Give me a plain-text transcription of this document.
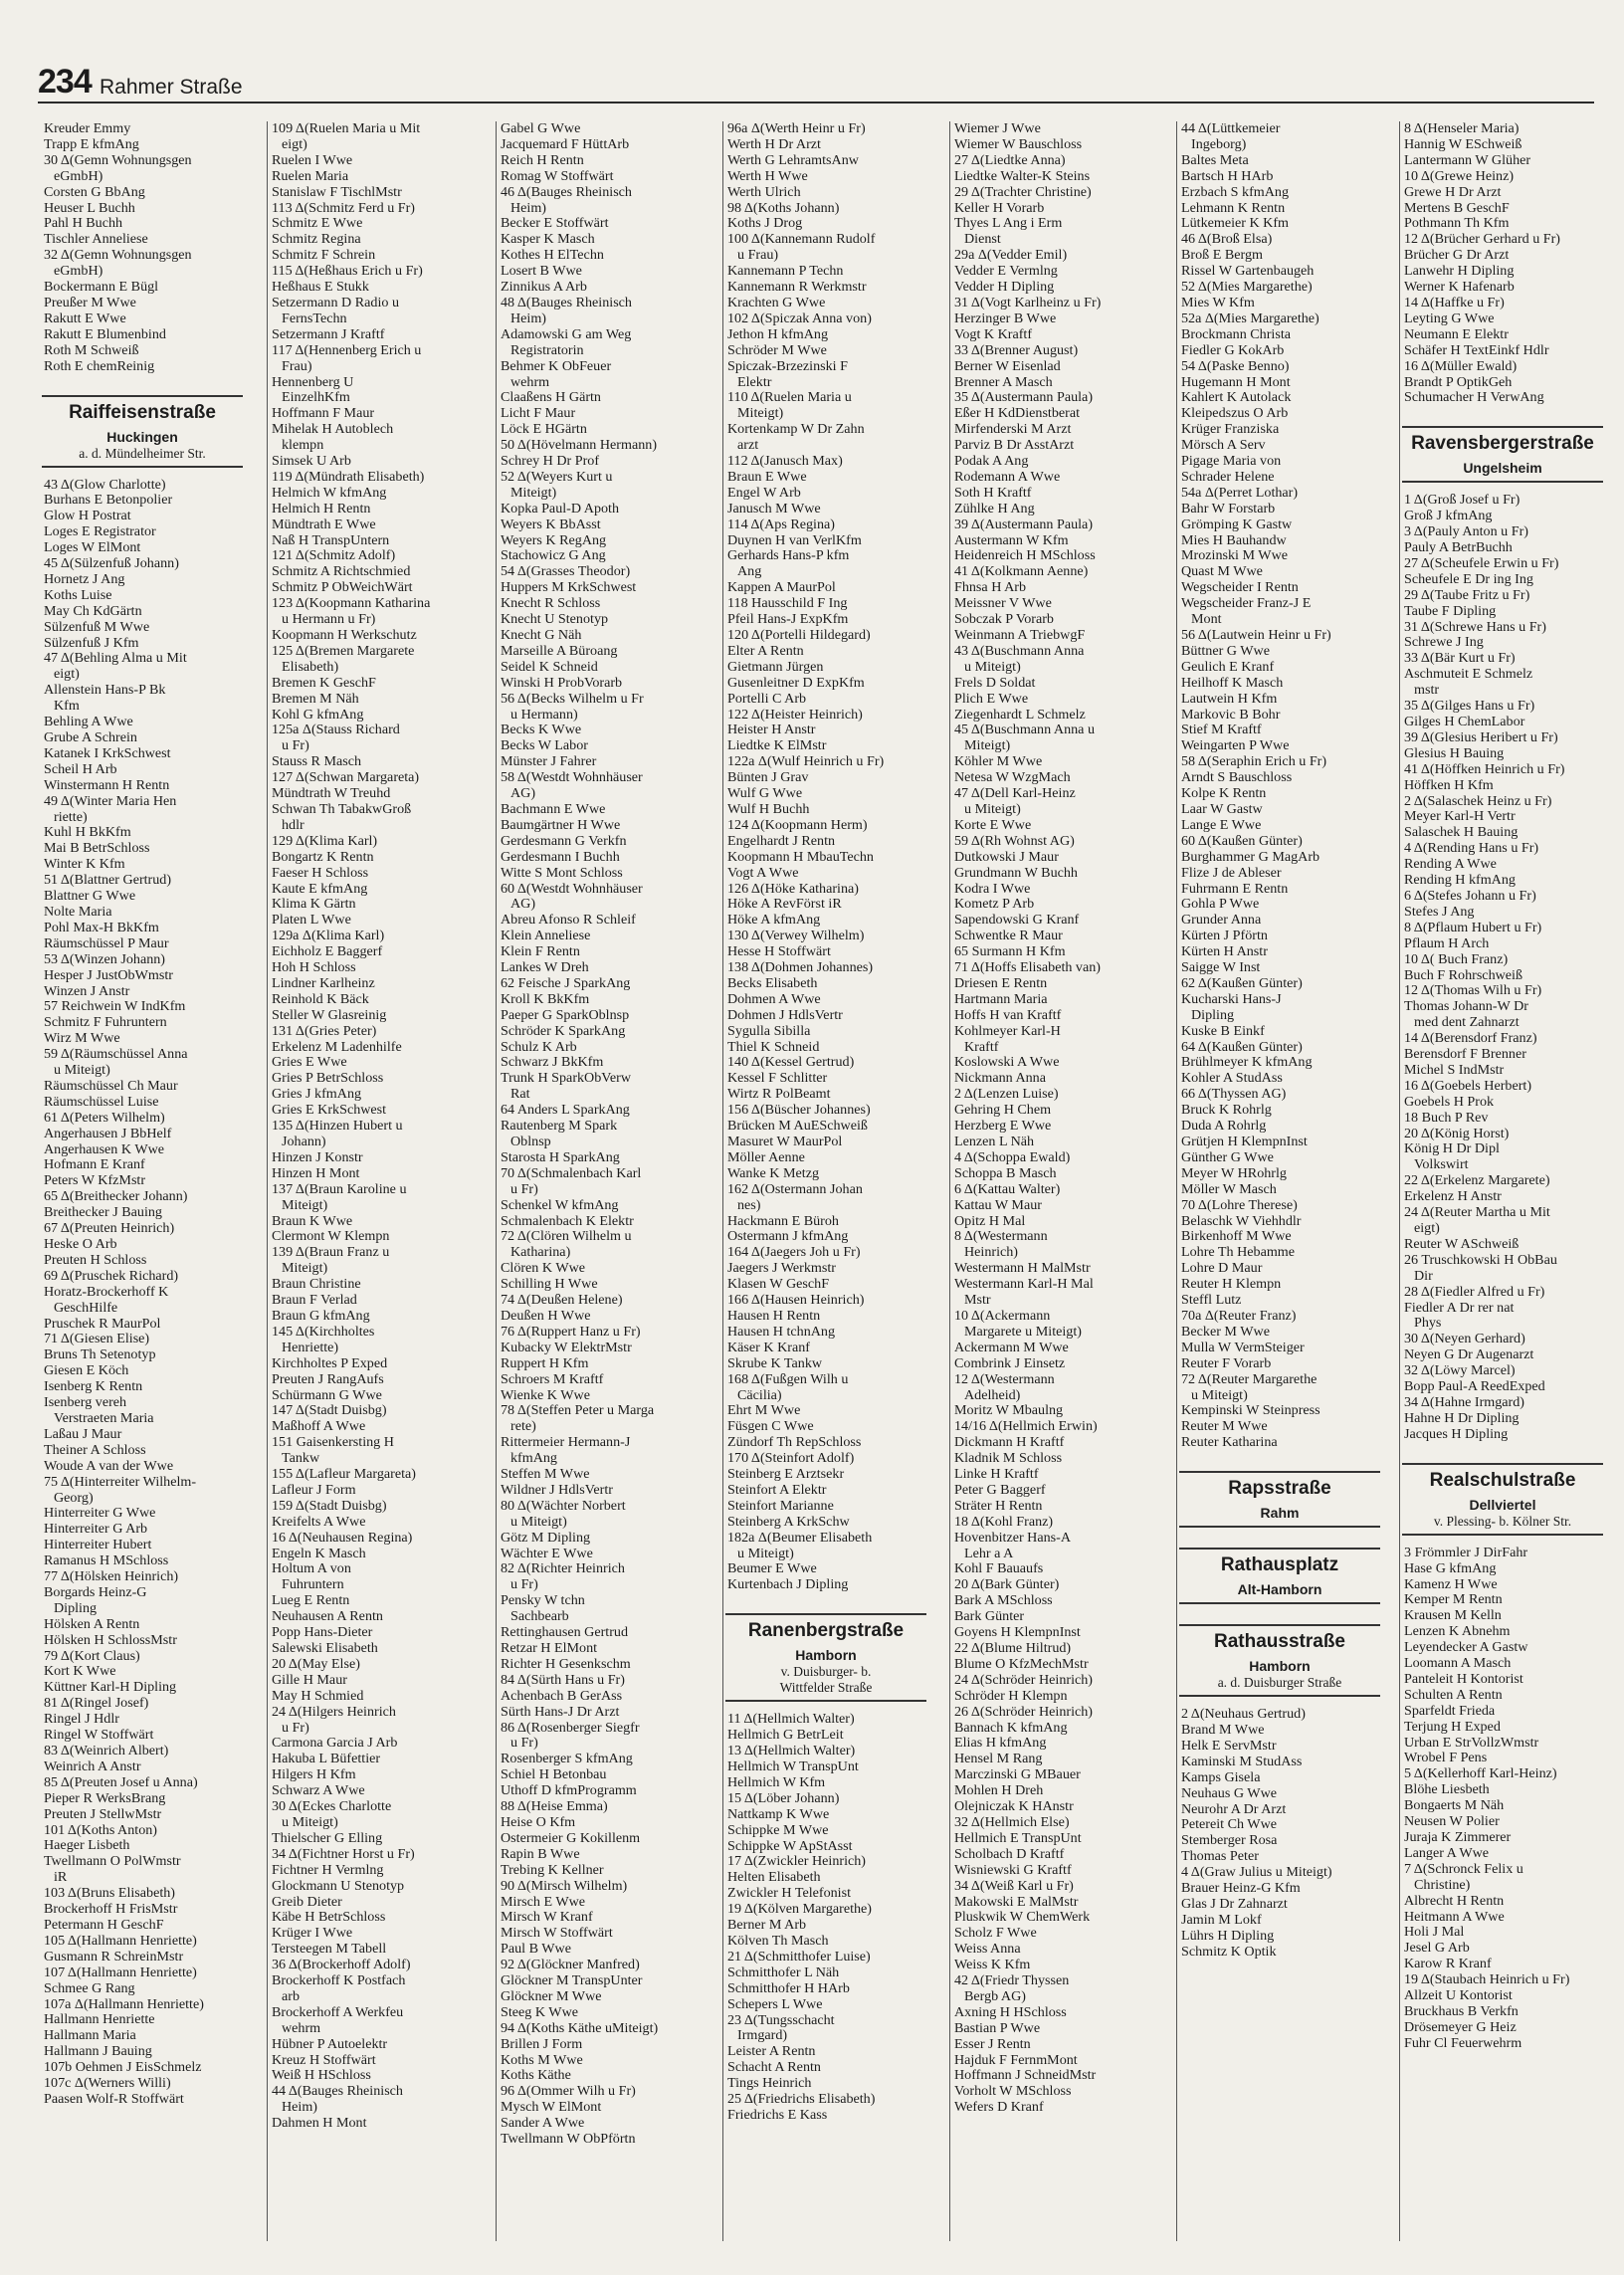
234 Rahmer Straße
Kreuder Emmy
Trapp E kfmAng
30 Δ(Gemn Wohnungsgen
eGmbH)
Corsten G BbAng
Heuser L Buchh
Pahl H Buchh
Tischler Anneliese
32 Δ(Gemn Wohnungsgen
eGmbH)
Bockermann E Bügl
Preußer M Wwe
Rakutt E Wwe
Rakutt E Blumenbind
Roth M Schweiß
Roth E chemReinig
Raiffeisenstraße
Huckingen
a. d. Mündelheimer Str.
43 Δ(Glow Charlotte)
Burhans E Betonpolier
Glow H Postrat
Loges E Registrator
Loges W ElMont
45 Δ(Sülzenfuß Johann)
Hornetz J Ang
Koths Luise
May Ch KdGärtn
Sülzenfuß M Wwe
Sülzenfuß J Kfm
47 Δ(Behling Alma u Mit
eigt)
Allenstein Hans-P Bk
Kfm
Behling A Wwe
Grube A Schrein
Katanek I KrkSchwest
Scheil H Arb
Winstermann H Rentn
49 Δ(Winter Maria Hen
riette)
Kuhl H BkKfm
Mai B BetrSchloss
Winter K Kfm
51 Δ(Blattner Gertrud)
Blattner G Wwe
Nolte Maria
Pohl Max-H BkKfm
Räumschüssel P Maur
53 Δ(Winzen Johann)
Hesper J JustObWmstr
Winzen J Anstr
57 Reichwein W IndKfm
Schmitz F Fuhruntern
Wirz M Wwe
59 Δ(Räumschüssel Anna
u Miteigt)
Räumschüssel Ch Maur
Räumschüssel Luise
61 Δ(Peters Wilhelm)
Angerhausen J BbHelf
Angerhausen K Wwe
Hofmann E Kranf
Peters W KfzMstr
65 Δ(Breithecker Johann)
Breithecker J Bauing
67 Δ(Preuten Heinrich)
Heske O Arb
Preuten H Schloss
69 Δ(Pruschek Richard)
Horatz-Brockerhoff K
GeschHilfe
Pruschek R MaurPol
71 Δ(Giesen Elise)
Bruns Th Setenotyp
Giesen E Köch
Isenberg K Rentn
Isenberg vereh
Verstraeten Maria
Laßau J Maur
Theiner A Schloss
Woude A van der Wwe
75 Δ(Hinterreiter Wilhelm-
Georg)
Hinterreiter G Wwe
Hinterreiter G Arb
Hinterreiter Hubert
Ramanus H MSchloss
77 Δ(Hölsken Heinrich)
Borgards Heinz-G
Dipling
Hölsken A Rentn
Hölsken H SchlossMstr
79 Δ(Kort Claus)
Kort K Wwe
Küttner Karl-H Dipling
81 Δ(Ringel Josef)
Ringel J Hdlr
Ringel W Stoffwärt
83 Δ(Weinrich Albert)
Weinrich A Anstr
85 Δ(Preuten Josef u Anna)
Pieper R WerksBrang
Preuten J StellwMstr
101 Δ(Koths Anton)
Haeger Lisbeth
Twellmann O PolWmstr
iR
103 Δ(Bruns Elisabeth)
Brockerhoff H FrisMstr
Petermann H GeschF
105 Δ(Hallmann Henriette)
Gusmann R SchreinMstr
107 Δ(Hallmann Henriette)
Schmee G Rang
107a Δ(Hallmann Henriette)
Hallmann Henriette
Hallmann Maria
Hallmann J Bauing
107b Oehmen J EisSchmelz
107c Δ(Werners Willi)
Paasen Wolf-R Stoffwärt
109 Δ(Ruelen Maria u Mit
eigt)
Ruelen I Wwe
Ruelen Maria
Stanislaw F TischlMstr
113 Δ(Schmitz Ferd u Fr)
Schmitz E Wwe
Schmitz Regina
Schmitz F Schrein
115 Δ(Heßhaus Erich u Fr)
Heßhaus E Stukk
Setzermann D Radio u
FernsTechn
Setzermann J Kraftf
117 Δ(Hennenberg Erich u
Frau)
Hennenberg U
EinzelhKfm
Hoffmann F Maur
Mihelak H Autoblech
klempn
Simsek U Arb
119 Δ(Mündrath Elisabeth)
Helmich W kfmAng
Helmich H Rentn
Mündtrath E Wwe
Naß H TranspUntern
121 Δ(Schmitz Adolf)
Schmitz A Richtschmied
Schmitz P ObWeichWärt
123 Δ(Koopmann Katharina
u Hermann u Fr)
Koopmann H Werkschutz
125 Δ(Bremen Margarete
Elisabeth)
Bremen K GeschF
Bremen M Näh
Kohl G kfmAng
125a Δ(Stauss Richard
u Fr)
Stauss R Masch
127 Δ(Schwan Margareta)
Mündtrath W Treuhd
Schwan Th TabakwGroß
hdlr
129 Δ(Klima Karl)
Bongartz K Rentn
Faeser H Schloss
Kaute E kfmAng
Klima K Gärtn
Platen L Wwe
129a Δ(Klima Karl)
Eichholz E Baggerf
Hoh H Schloss
Lindner Karlheinz
Reinhold K Bäck
Steller W Glasreinig
131 Δ(Gries Peter)
Erkelenz M Ladenhilfe
Gries E Wwe
Gries P BetrSchloss
Gries J kfmAng
Gries E KrkSchwest
135 Δ(Hinzen Hubert u
Johann)
Hinzen J Konstr
Hinzen H Mont
137 Δ(Braun Karoline u
Miteigt)
Braun K Wwe
Clermont W Klempn
139 Δ(Braun Franz u
Miteigt)
Braun Christine
Braun F Verlad
Braun G kfmAng
145 Δ(Kirchholtes
Henriette)
Kirchholtes P Exped
Preuten J RangAufs
Schürmann G Wwe
147 Δ(Stadt Duisbg)
Maßhoff A Wwe
151 Gaisenkersting H
Tankw
155 Δ(Lafleur Margareta)
Lafleur J Form
159 Δ(Stadt Duisbg)
Kreifelts A Wwe
16 Δ(Neuhausen Regina)
Engeln K Masch
Holtum A von
Fuhruntern
Lueg E Rentn
Neuhausen A Rentn
Popp Hans-Dieter
Salewski Elisabeth
20 Δ(May Else)
Gille H Maur
May H Schmied
24 Δ(Hilgers Heinrich
u Fr)
Carmona Garcia J Arb
Hakuba L Büfettier
Hilgers H Kfm
Schwarz A Wwe
30 Δ(Eckes Charlotte
u Miteigt)
Thielscher G Elling
34 Δ(Fichtner Horst u Fr)
Fichtner H Vermlng
Glockmann U Stenotyp
Greib Dieter
Käbe H BetrSchloss
Krüger I Wwe
Tersteegen M Tabell
36 Δ(Brockerhoff Adolf)
Brockerhoff K Postfach
arb
Brockerhoff A Werkfeu
wehrm
Hübner P Autoelektr
Kreuz H Stoffwärt
Weiß H HSchloss
44 Δ(Bauges Rheinisch
Heim)
Dahmen H Mont
Gabel G Wwe
Jacquemard F HüttArb
Reich H Rentn
Romag W Stoffwärt
46 Δ(Bauges Rheinisch
Heim)
Becker E Stoffwärt
Kasper K Masch
Kothes H ElTechn
Losert B Wwe
Zinnikus A Arb
48 Δ(Bauges Rheinisch
Heim)
Adamowski G am Weg
Registratorin
Behmer K ObFeuer
wehrm
Claaßens H Gärtn
Licht F Maur
Löck E HGärtn
50 Δ(Hövelmann Hermann)
Schrey H Dr Prof
52 Δ(Weyers Kurt u
Miteigt)
Kopka Paul-D Apoth
Weyers K BbAsst
Weyers K RegAng
Stachowicz G Ang
54 Δ(Grasses Theodor)
Huppers M KrkSchwest
Knecht R Schloss
Knecht U Stenotyp
Knecht G Näh
Marseille A Büroang
Seidel K Schneid
Winski H ProbVorarb
56 Δ(Becks Wilhelm u Fr
u Hermann)
Becks K Wwe
Becks W Labor
Münster J Fahrer
58 Δ(Westdt Wohnhäuser
AG)
Bachmann E Wwe
Baumgärtner H Wwe
Gerdesmann G Verkfn
Gerdesmann I Buchh
Witte S Mont Schloss
60 Δ(Westdt Wohnhäuser
AG)
Abreu Afonso R Schleif
Klein Anneliese
Klein F Rentn
Lankes W Dreh
62 Feische J SparkAng
Kroll K BkKfm
Paeper G SparkOblnsp
Schröder K SparkAng
Schulz K Arb
Schwarz J BkKfm
Trunk H SparkObVerw
Rat
64 Anders L SparkAng
Rautenberg M Spark
Oblnsp
Starosta H SparkAng
70 Δ(Schmalenbach Karl
u Fr)
Schenkel W kfmAng
Schmalenbach K Elektr
72 Δ(Clören Wilhelm u
Katharina)
Clören K Wwe
Schilling H Wwe
74 Δ(Deußen Helene)
Deußen H Wwe
76 Δ(Ruppert Hanz u Fr)
Kubacky W ElektrMstr
Ruppert H Kfm
Schroers M Kraftf
Wienke K Wwe
78 Δ(Steffen Peter u Marga
rete)
Rittermeier Hermann-J
kfmAng
Steffen M Wwe
Wildner J HdlsVertr
80 Δ(Wächter Norbert
u Miteigt)
Götz M Dipling
Wächter E Wwe
82 Δ(Richter Heinrich
u Fr)
Pensky W tchn
Sachbearb
Rettinghausen Gertrud
Retzar H ElMont
Richter H Gesenkschm
84 Δ(Sürth Hans u Fr)
Achenbach B GerAss
Sürth Hans-J Dr Arzt
86 Δ(Rosenberger Siegfr
u Fr)
Rosenberger S kfmAng
Schiel H Betonbau
Uthoff D kfmProgramm
88 Δ(Heise Emma)
Heise O Kfm
Ostermeier G Kokillenm
Rapin B Wwe
Trebing K Kellner
90 Δ(Mirsch Wilhelm)
Mirsch E Wwe
Mirsch W Kranf
Mirsch W Stoffwärt
Paul B Wwe
92 Δ(Glöckner Manfred)
Glöckner M TranspUnter
Glöckner M Wwe
Steeg K Wwe
94 Δ(Koths Käthe uMiteigt)
Brillen J Form
Koths M Wwe
Koths Käthe
96 Δ(Ommer Wilh u Fr)
Mysch W ElMont
Sander A Wwe
Twellmann W ObPförtn
96a Δ(Werth Heinr u Fr)
Werth H Dr Arzt
Werth G LehramtsAnw
Werth H Wwe
Werth Ulrich
98 Δ(Koths Johann)
Koths J Drog
100 Δ(Kannemann Rudolf
u Frau)
Kannemann P Techn
Kannemann R Werkmstr
Krachten G Wwe
102 Δ(Spiczak Anna von)
Jethon H kfmAng
Schröder M Wwe
Spiczak-Brzezinski F
Elektr
110 Δ(Ruelen Maria u
Miteigt)
Kortenkamp W Dr Zahn
arzt
112 Δ(Janusch Max)
Braun E Wwe
Engel W Arb
Janusch M Wwe
114 Δ(Aps Regina)
Duynen H van VerlKfm
Gerhards Hans-P kfm
Ang
Kappen A MaurPol
118 Hausschild F Ing
Pfeil Hans-J ExpKfm
120 Δ(Portelli Hildegard)
Elter A Rentn
Gietmann Jürgen
Gusenleitner D ExpKfm
Portelli C Arb
122 Δ(Heister Heinrich)
Heister H Anstr
Liedtke K ElMstr
122a Δ(Wulf Heinrich u Fr)
Bünten J Grav
Wulf G Wwe
Wulf H Buchh
124 Δ(Koopmann Herm)
Engelhardt J Rentn
Koopmann H MbauTechn
Vogt A Wwe
126 Δ(Höke Katharina)
Höke A RevFörst iR
Höke A kfmAng
130 Δ(Verwey Wilhelm)
Hesse H Stoffwärt
138 Δ(Dohmen Johannes)
Becks Elisabeth
Dohmen A Wwe
Dohmen J HdlsVertr
Sygulla Sibilla
Thiel K Schneid
140 Δ(Kessel Gertrud)
Kessel F Schlitter
Wirtz R PolBeamt
156 Δ(Büscher Johannes)
Brücken M AuESchweiß
Masuret W MaurPol
Möller Aenne
Wanke K Metzg
162 Δ(Ostermann Johan
nes)
Hackmann E Büroh
Ostermann J kfmAng
164 Δ(Jaegers Joh u Fr)
Jaegers J Werkmstr
Klasen W GeschF
166 Δ(Hausen Heinrich)
Hausen H Rentn
Hausen H tchnAng
Käser K Kranf
Skrube K Tankw
168 Δ(Fußgen Wilh u
Cäcilia)
Ehrt M Wwe
Füsgen C Wwe
Zündorf Th RepSchloss
170 Δ(Steinfort Adolf)
Steinberg E Arztsekr
Steinfort A Elektr
Steinfort Marianne
Steinberg A KrkSchw
182a Δ(Beumer Elisabeth
u Miteigt)
Beumer E Wwe
Kurtenbach J Dipling
Ranenbergstraße
Hamborn
v. Duisburger- b.
Wittfelder Straße
11 Δ(Hellmich Walter)
Hellmich G BetrLeit
13 Δ(Hellmich Walter)
Hellmich W TranspUnt
Hellmich W Kfm
15 Δ(Löber Johann)
Nattkamp K Wwe
Schippke M Wwe
Schippke W ApStAsst
17 Δ(Zwickler Heinrich)
Helten Elisabeth
Zwickler H Telefonist
19 Δ(Kölven Margarethe)
Berner M Arb
Kölven Th Masch
21 Δ(Schmitthofer Luise)
Schmitthofer L Näh
Schmitthofer H HArb
Schepers L Wwe
23 Δ(Tungsschacht
Irmgard)
Leister A Rentn
Schacht A Rentn
Tings Heinrich
25 Δ(Friedrichs Elisabeth)
Friedrichs E Kass
Wiemer J Wwe
Wiemer W Bauschloss
27 Δ(Liedtke Anna)
Liedtke Walter-K Steins
29 Δ(Trachter Christine)
Keller H Vorarb
Thyes L Ang i Erm
Dienst
29a Δ(Vedder Emil)
Vedder E Vermlng
Vedder H Dipling
31 Δ(Vogt Karlheinz u Fr)
Herzinger B Wwe
Vogt K Kraftf
33 Δ(Brenner August)
Berner W Eisenlad
Brenner A Masch
35 Δ(Austermann Paula)
Eßer H KdDienstberat
Mirfenderski M Arzt
Parviz B Dr AsstArzt
Podak A Ang
Rodemann A Wwe
Soth H Kraftf
Zühlke H Ang
39 Δ(Austermann Paula)
Austermann W Kfm
Heidenreich H MSchloss
41 Δ(Kolkmann Aenne)
Fhnsa H Arb
Meissner V Wwe
Sobczak P Vorarb
Weinmann A TriebwgF
43 Δ(Buschmann Anna
u Miteigt)
Frels D Soldat
Plich E Wwe
Ziegenhardt L Schmelz
45 Δ(Buschmann Anna u
Miteigt)
Köhler M Wwe
Netesa W WzgMach
47 Δ(Dell Karl-Heinz
u Miteigt)
Korte E Wwe
59 Δ(Rh Wohnst AG)
Dutkowski J Maur
Grundmann W Buchh
Kodra I Wwe
Kometz P Arb
Sapendowski G Kranf
Schwentke R Maur
65 Surmann H Kfm
71 Δ(Hoffs Elisabeth van)
Driesen E Rentn
Hartmann Maria
Hoffs H van Kraftf
Kohlmeyer Karl-H
Kraftf
Koslowski A Wwe
Nickmann Anna
2 Δ(Lenzen Luise)
Gehring H Chem
Herzberg E Wwe
Lenzen L Näh
4 Δ(Schoppa Ewald)
Schoppa B Masch
6 Δ(Kattau Walter)
Kattau W Maur
Opitz H Mal
8 Δ(Westermann
Heinrich)
Westermann H MalMstr
Westermann Karl-H Mal
Mstr
10 Δ(Ackermann
Margarete u Miteigt)
Ackermann M Wwe
Combrink J Einsetz
12 Δ(Westermann
Adelheid)
Moritz W Mbaulng
14/16 Δ(Hellmich Erwin)
Dickmann H Kraftf
Kladnik M Schloss
Linke H Kraftf
Peter G Baggerf
Sträter H Rentn
18 Δ(Kohl Franz)
Hovenbitzer Hans-A
Lehr a A
Kohl F Bauaufs
20 Δ(Bark Günter)
Bark A MSchloss
Bark Günter
Goyens H KlempnInst
22 Δ(Blume Hiltrud)
Blume O KfzMechMstr
24 Δ(Schröder Heinrich)
Schröder H Klempn
26 Δ(Schröder Heinrich)
Bannach K kfmAng
Elias H kfmAng
Hensel M Rang
Marczinski G MBauer
Mohlen H Dreh
Olejniczak K HAnstr
32 Δ(Hellmich Else)
Hellmich E TranspUnt
Scholbach D Kraftf
Wisniewski G Kraftf
34 Δ(Weiß Karl u Fr)
Makowski E MalMstr
Pluskwik W ChemWerk
Scholz F Wwe
Weiss Anna
Weiss K Kfm
42 Δ(Friedr Thyssen
Bergb AG)
Axning H HSchloss
Bastian P Wwe
Esser J Rentn
Hajduk F FernmMont
Hoffmann J SchneidMstr
Vorholt W MSchloss
Wefers D Kranf
44 Δ(Lüttkemeier
Ingeborg)
Baltes Meta
Bartsch H HArb
Erzbach S kfmAng
Lehmann K Rentn
Lütkemeier K Kfm
46 Δ(Broß Elsa)
Broß E Bergm
Rissel W Gartenbaugeh
52 Δ(Mies Margarethe)
Mies W Kfm
52a Δ(Mies Margarethe)
Brockmann Christa
Fiedler G KokArb
54 Δ(Paske Benno)
Hugemann H Mont
Kahlert K Autolack
Kleipedszus O Arb
Krüger Franziska
Mörsch A Serv
Pigage Maria von
Schrader Helene
54a Δ(Perret Lothar)
Bahr W Forstarb
Grömping K Gastw
Mies H Bauhandw
Mrozinski M Wwe
Quast M Wwe
Wegscheider I Rentn
Wegscheider Franz-J E
Mont
56 Δ(Lautwein Heinr u Fr)
Büttner G Wwe
Geulich E Kranf
Heilhoff K Masch
Lautwein H Kfm
Markovic B Bohr
Stief M Kraftf
Weingarten P Wwe
58 Δ(Seraphin Erich u Fr)
Arndt S Bauschloss
Kolpe K Rentn
Laar W Gastw
Lange E Wwe
60 Δ(Kaußen Günter)
Burghammer G MagArb
Flize J de Ableser
Fuhrmann E Rentn
Gohla P Wwe
Grunder Anna
Kürten J Pförtn
Kürten H Anstr
Saigge W Inst
62 Δ(Kaußen Günter)
Kucharski Hans-J
Dipling
Kuske B Einkf
64 Δ(Kaußen Günter)
Brühlmeyer K kfmAng
Kohler A StudAss
66 Δ(Thyssen AG)
Bruck K Rohrlg
Duda A Rohrlg
Grütjen H KlempnInst
Günther G Wwe
Meyer W HRohrlg
Möller W Masch
70 Δ(Lohre Therese)
Belaschk W Viehhdlr
Birkenhoff M Wwe
Lohre Th Hebamme
Lohre D Maur
Reuter H Klempn
Steffl Lutz
70a Δ(Reuter Franz)
Becker M Wwe
Mulla W VermSteiger
Reuter F Vorarb
72 Δ(Reuter Margarethe
u Miteigt)
Kempinski W Steinpress
Reuter M Wwe
Reuter Katharina
Rapsstraße
Rahm
Rathausplatz
Alt-Hamborn
Rathausstraße
Hamborn
a. d. Duisburger Straße
2 Δ(Neuhaus Gertrud)
Brand M Wwe
Helk E ServMstr
Kaminski M StudAss
Kamps Gisela
Neuhaus G Wwe
Neurohr A Dr Arzt
Petereit Ch Wwe
Stemberger Rosa
Thomas Peter
4 Δ(Graw Julius u Miteigt)
Brauer Heinz-G Kfm
Glas J Dr Zahnarzt
Jamin M Lokf
Lührs H Dipling
Schmitz K Optik
8 Δ(Henseler Maria)
Hannig W ESchweiß
Lantermann W Glüher
10 Δ(Grewe Heinz)
Grewe H Dr Arzt
Mertens B GeschF
Pothmann Th Kfm
12 Δ(Brücher Gerhard u Fr)
Brücher G Dr Arzt
Lanwehr H Dipling
Werner K Hafenarb
14 Δ(Haffke u Fr)
Leyting G Wwe
Neumann E Elektr
Schäfer H TextEinkf Hdlr
16 Δ(Müller Ewald)
Brandt P OptikGeh
Schumacher H VerwAng
Ravensbergerstraße
Ungelsheim
1 Δ(Groß Josef u Fr)
Groß J kfmAng
3 Δ(Pauly Anton u Fr)
Pauly A BetrBuchh
27 Δ(Scheufele Erwin u Fr)
Scheufele E Dr ing Ing
29 Δ(Taube Fritz u Fr)
Taube F Dipling
31 Δ(Schrewe Hans u Fr)
Schrewe J Ing
33 Δ(Bär Kurt u Fr)
Aschmuteit E Schmelz
mstr
35 Δ(Gilges Hans u Fr)
Gilges H ChemLabor
39 Δ(Glesius Heribert u Fr)
Glesius H Bauing
41 Δ(Höffken Heinrich u Fr)
Höffken H Kfm
2 Δ(Salaschek Heinz u Fr)
Meyer Karl-H Vertr
Salaschek H Bauing
4 Δ(Rending Hans u Fr)
Rending A Wwe
Rending H kfmAng
6 Δ(Stefes Johann u Fr)
Stefes J Ang
8 Δ(Pflaum Hubert u Fr)
Pflaum H Arch
10 Δ( Buch Franz)
Buch F Rohrschweiß
12 Δ(Thomas Wilh u Fr)
Thomas Johann-W Dr
med dent Zahnarzt
14 Δ(Berensdorf Franz)
Berensdorf F Brenner
Michel S IndMstr
16 Δ(Goebels Herbert)
Goebels H Prok
18 Buch P Rev
20 Δ(König Horst)
König H Dr Dipl
Volkswirt
22 Δ(Erkelenz Margarete)
Erkelenz H Anstr
24 Δ(Reuter Martha u Mit
eigt)
Reuter W ASchweiß
26 Truschkowski H ObBau
Dir
28 Δ(Fiedler Alfred u Fr)
Fiedler A Dr rer nat
Phys
30 Δ(Neyen Gerhard)
Neyen G Dr Augenarzt
32 Δ(Löwy Marcel)
Bopp Paul-A ReedExped
34 Δ(Hahne Irmgard)
Hahne H Dr Dipling
Jacques H Dipling
Realschulstraße
Dellviertel
v. Plessing- b. Kölner Str.
3 Frömmler J DirFahr
Hase G kfmAng
Kamenz H Wwe
Kemper M Rentn
Krausen M Kelln
Lenzen K Abnehm
Leyendecker A Gastw
Loomann A Masch
Panteleit H Kontorist
Schulten A Rentn
Sparfeldt Frieda
Terjung H Exped
Urban E StrVollzWmstr
Wrobel F Pens
5 Δ(Kellerhoff Karl-Heinz)
Blöhe Liesbeth
Bongaerts M Näh
Neusen W Polier
Juraja K Zimmerer
Langer A Wwe
7 Δ(Schronck Felix u
Christine)
Albrecht H Rentn
Heitmann A Wwe
Holi J Mal
Jesel G Arb
Karow R Kranf
19 Δ(Staubach Heinrich u Fr)
Allzeit U Kontorist
Bruckhaus B Verkfn
Drösemeyer G Heiz
Fuhr Cl Feuerwehrm
